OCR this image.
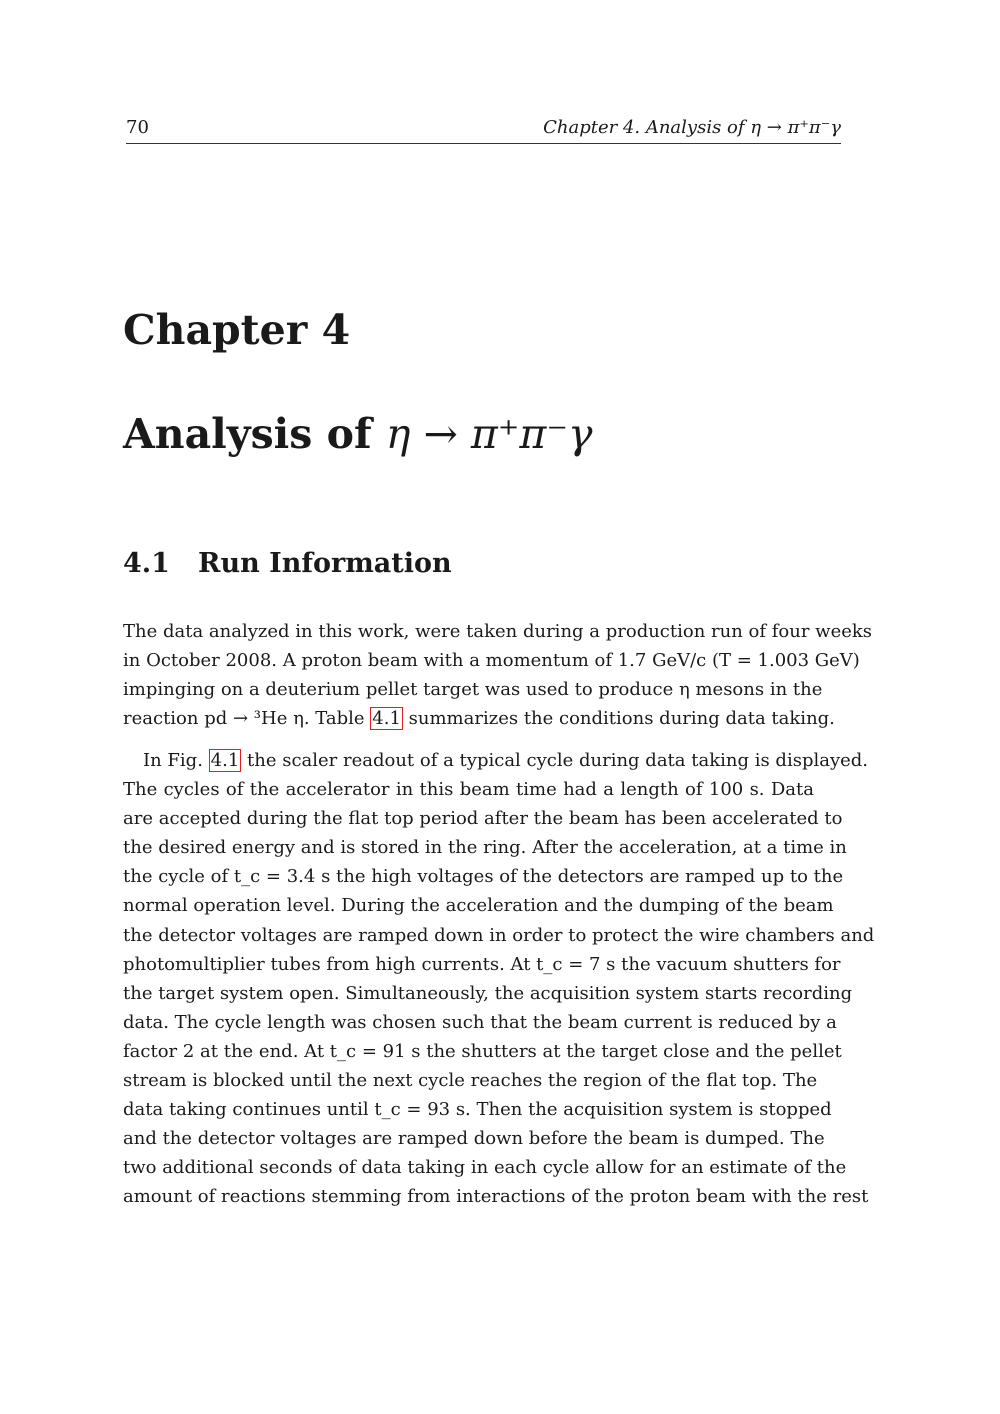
70	Chapter 4. Analysis of η → π⁺π⁻γ
Chapter 4
Analysis of η → π⁺π⁻γ
4.1 Run Information
The data analyzed in this work, were taken during a production run of four weeks
in October 2008. A proton beam with a momentum of 1.7 GeV/c (T = 1.003 GeV)
impinging on a deuterium pellet target was used to produce η mesons in the
reaction pd → ³He η. Table 4.1 summarizes the conditions during data taking.
In Fig. 4.1 the scaler readout of a typical cycle during data taking is displayed.
The cycles of the accelerator in this beam time had a length of 100 s. Data
are accepted during the flat top period after the beam has been accelerated to
the desired energy and is stored in the ring. After the acceleration, at a time in
the cycle of t_c = 3.4 s the high voltages of the detectors are ramped up to the
normal operation level. During the acceleration and the dumping of the beam
the detector voltages are ramped down in order to protect the wire chambers and
photomultiplier tubes from high currents. At t_c = 7 s the vacuum shutters for
the target system open. Simultaneously, the acquisition system starts recording
data. The cycle length was chosen such that the beam current is reduced by a
factor 2 at the end. At t_c = 91 s the shutters at the target close and the pellet
stream is blocked until the next cycle reaches the region of the flat top. The
data taking continues until t_c = 93 s. Then the acquisition system is stopped
and the detector voltages are ramped down before the beam is dumped. The
two additional seconds of data taking in each cycle allow for an estimate of the
amount of reactions stemming from interactions of the proton beam with the rest
